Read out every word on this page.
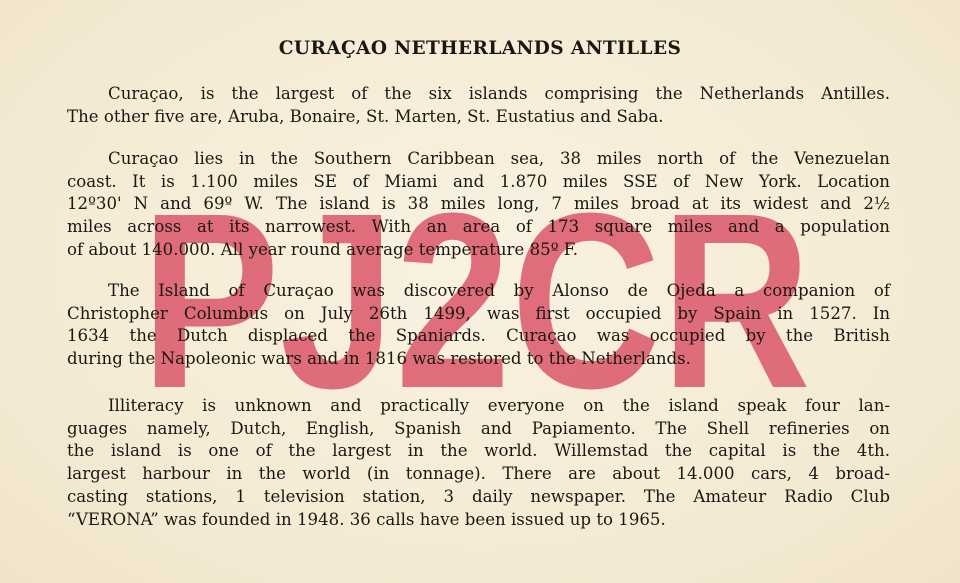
PJ2CR
CURAÇAO NETHERLANDS ANTILLES
Curaçao, is the largest of the six islands comprising the Netherlands Antilles.
The other five are, Aruba, Bonaire, St. Marten, St. Eustatius and Saba.
Curaçao lies in the Southern Caribbean sea, 38 miles north of the Venezuelan
coast. It is 1.100 miles SE of Miami and 1.870 miles SSE of New York. Location
12º30' N and 69º W. The island is 38 miles long, 7 miles broad at its widest and 2½
miles across at its narrowest. With an area of 173 square miles and a population
of about 140.000. All year round average temperature 85º F.
The Island of Curaçao was discovered by Alonso de Ojeda a companion of
Christopher Columbus on July 26th 1499, was first occupied by Spain in 1527. In
1634 the Dutch displaced the Spaniards. Curaçao was occupied by the British
during the Napoleonic wars and in 1816 was restored to the Netherlands.
Illiteracy is unknown and practically everyone on the island speak four lan-
guages namely, Dutch, English, Spanish and Papiamento. The Shell refineries on
the island is one of the largest in the world. Willemstad the capital is the 4th.
largest harbour in the world (in tonnage). There are about 14.000 cars, 4 broad-
casting stations, 1 television station, 3 daily newspaper. The Amateur Radio Club
“VERONA” was founded in 1948. 36 calls have been issued up to 1965.
